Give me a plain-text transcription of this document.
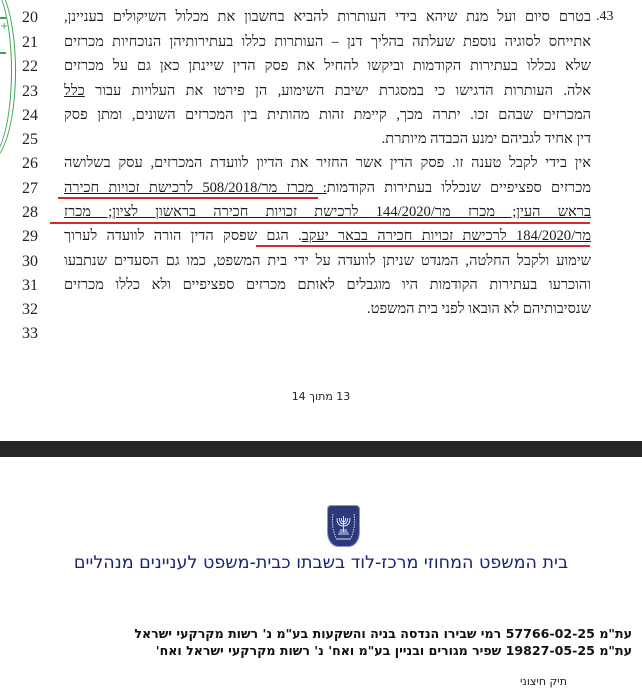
+
.43
20
21
22
23
24
25
26
27
28
29
30
31
32
33
בטרם סיום ועל מנת שיהא בידי העותרות להביא בחשבון את מכלול השיקולים בעניינן,
אתייחס לסוגיה נוספת שעלתה בהליך דנן – העותרות כללו בעתירותיהן הנוכחיות מכרזים
שלא נכללו בעתירות הקודמות וביקשו להחיל את פסק הדין שיינתן כאן גם על מכרזים
אלה. העותרות הדגישו כי במסגרת ישיבת השימוע, הן פירטו את העלויות עבור כלל
המכרזים שבהם זכו. יתרה מכך, קיימת זהות מהותית בין המכרזים השונים, ומתן פסק
דין אחיד לגביהם ימנע הכבדה מיותרת.
אין בידי לקבל טענה זו. פסק הדין אשר החזיר את הדיון לוועדת המכרזים, עסק בשלושה
מכרזים ספציפיים שנכללו בעתירות הקודמות: מכרז מר/508/2018 לרכישת זכויות חכירה
בראש העין; מכרז מר/144/2020 לרכישת זכויות חכירה בראשון לציון; מכרז
מר/184/2020 לרכישת זכויות חכירה בבאר יעקב. הגם שפסק הדין הורה לוועדה לערוך
שימוע ולקבל החלטה, המנדט שניתן לוועדה על ידי בית המשפט, כמו גם הסעדים שנתבעו
והוכרעו בעתירות הקודמות היו מוגבלים לאותם מכרזים ספציפיים ולא כללו מכרזים
שנסיבותיהם לא הובאו לפני בית המשפט.
13 מתוך 14
בית המשפט המחוזי מרכז-לוד בשבתו כבית-משפט לעניינים מנהליים
עת"מ 57766-02-25 רמי שבירו הנדסה בניה והשקעות בע"מ נ' רשות מקרקעי ישראל
עת"מ 19827-05-25 שפיר מגורים ובניין בע"מ ואח' נ' רשות מקרקעי ישראל ואח'
תיק חיצוני
